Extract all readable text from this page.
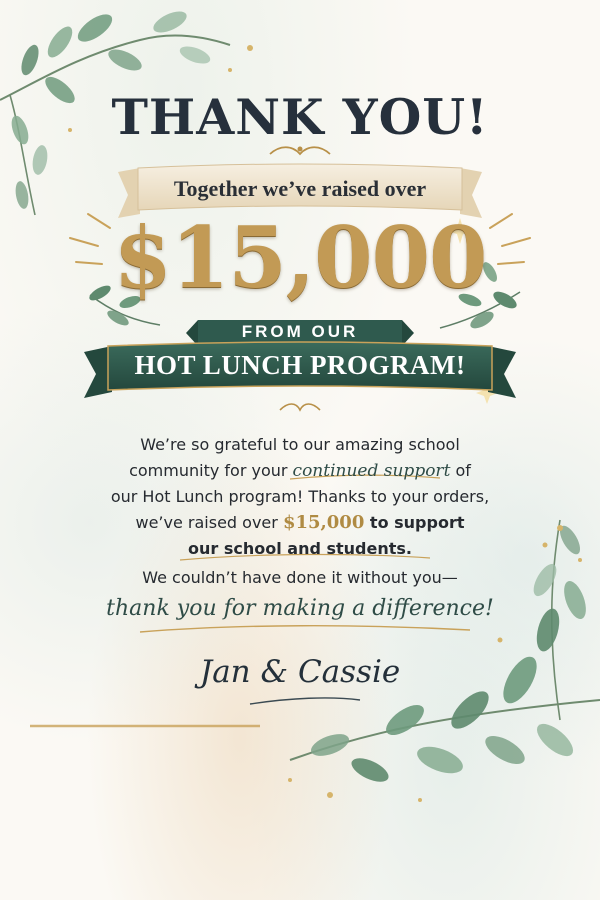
THANK YOU!
Together we’ve raised over
$15,000
FROM OUR
HOT LUNCH PROGRAM!
We’re so grateful to our amazing school
community for your continued support of
our Hot Lunch program! Thanks to your orders,
we’ve raised over $15,000 to support
our school and students.
We couldn’t have done it without you—
thank you for making a difference!
Jan & Cassie
